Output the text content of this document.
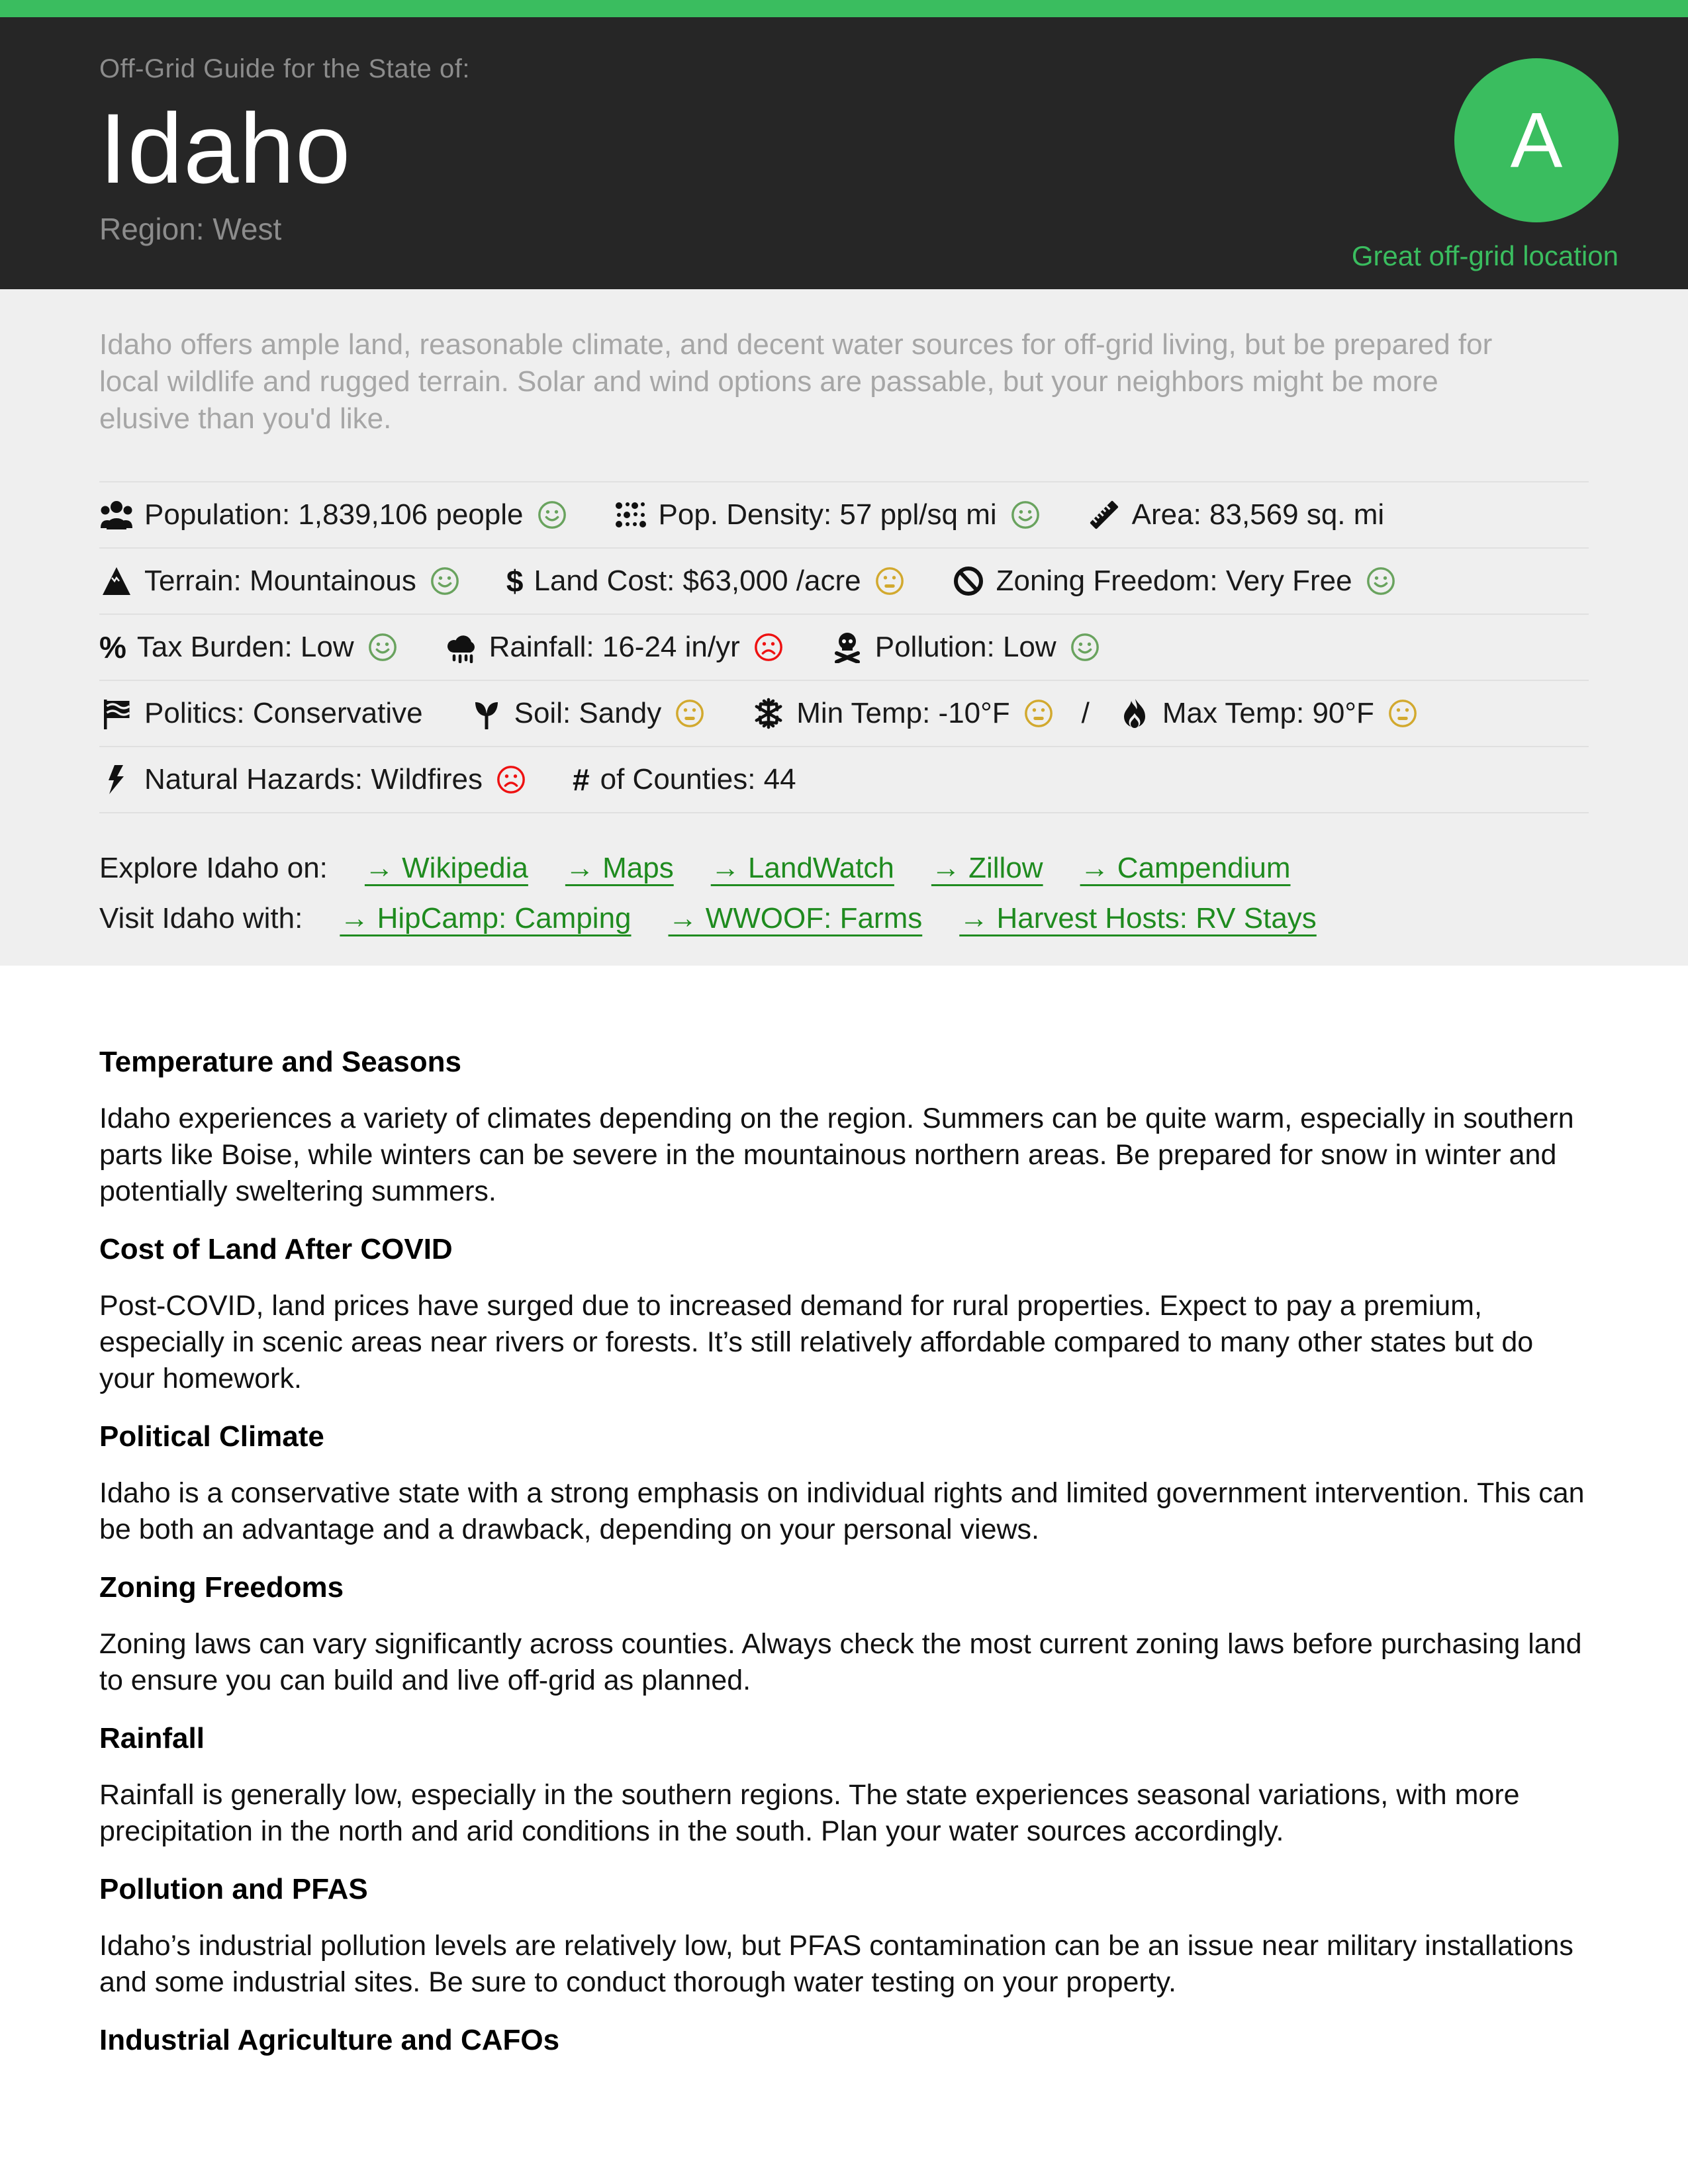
Off-Grid Guide for the State of:
Idaho
Region: West
A
Great off-grid location
Idaho offers ample land, reasonable climate, and decent water sources for off-grid living, but be prepared for local wildlife and rugged terrain. Solar and wind options are passable, but your neighbors might be more elusive than you'd like.
Population: 1,839,106 people	Pop. Density: 57 ppl/sq mi	Area: 83,569 sq. mi
Terrain: Mountainous	$ Land Cost: $63,000 /acre	Zoning Freedom: Very Free
% Tax Burden: Low	Rainfall: 16-24 in/yr	Pollution: Low
Politics: Conservative	Soil: Sandy	Min Temp: -10°F /	Max Temp: 90°F
Natural Hazards: Wildfires	# of Counties: 44
Explore Idaho on: → Wikipedia → Maps → LandWatch → Zillow → Campendium
Visit Idaho with: → HipCamp: Camping → WWOOF: Farms → Harvest Hosts: RV Stays
Temperature and Seasons

Idaho experiences a variety of climates depending on the region. Summers can be quite warm, especially in southern parts like Boise, while winters can be severe in the mountainous northern areas. Be prepared for snow in winter and potentially sweltering summers.

Cost of Land After COVID

Post-COVID, land prices have surged due to increased demand for rural properties. Expect to pay a premium, especially in scenic areas near rivers or forests. It’s still relatively affordable compared to many other states but do your homework.

Political Climate

Idaho is a conservative state with a strong emphasis on individual rights and limited government intervention. This can be both an advantage and a drawback, depending on your personal views.

Zoning Freedoms

Zoning laws can vary significantly across counties. Always check the most current zoning laws before purchasing land to ensure you can build and live off-grid as planned.

Rainfall

Rainfall is generally low, especially in the southern regions. The state experiences seasonal variations, with more precipitation in the north and arid conditions in the south. Plan your water sources accordingly.

Pollution and PFAS

Idaho’s industrial pollution levels are relatively low, but PFAS contamination can be an issue near military installations and some industrial sites. Be sure to conduct thorough water testing on your property.

Industrial Agriculture and CAFOs
